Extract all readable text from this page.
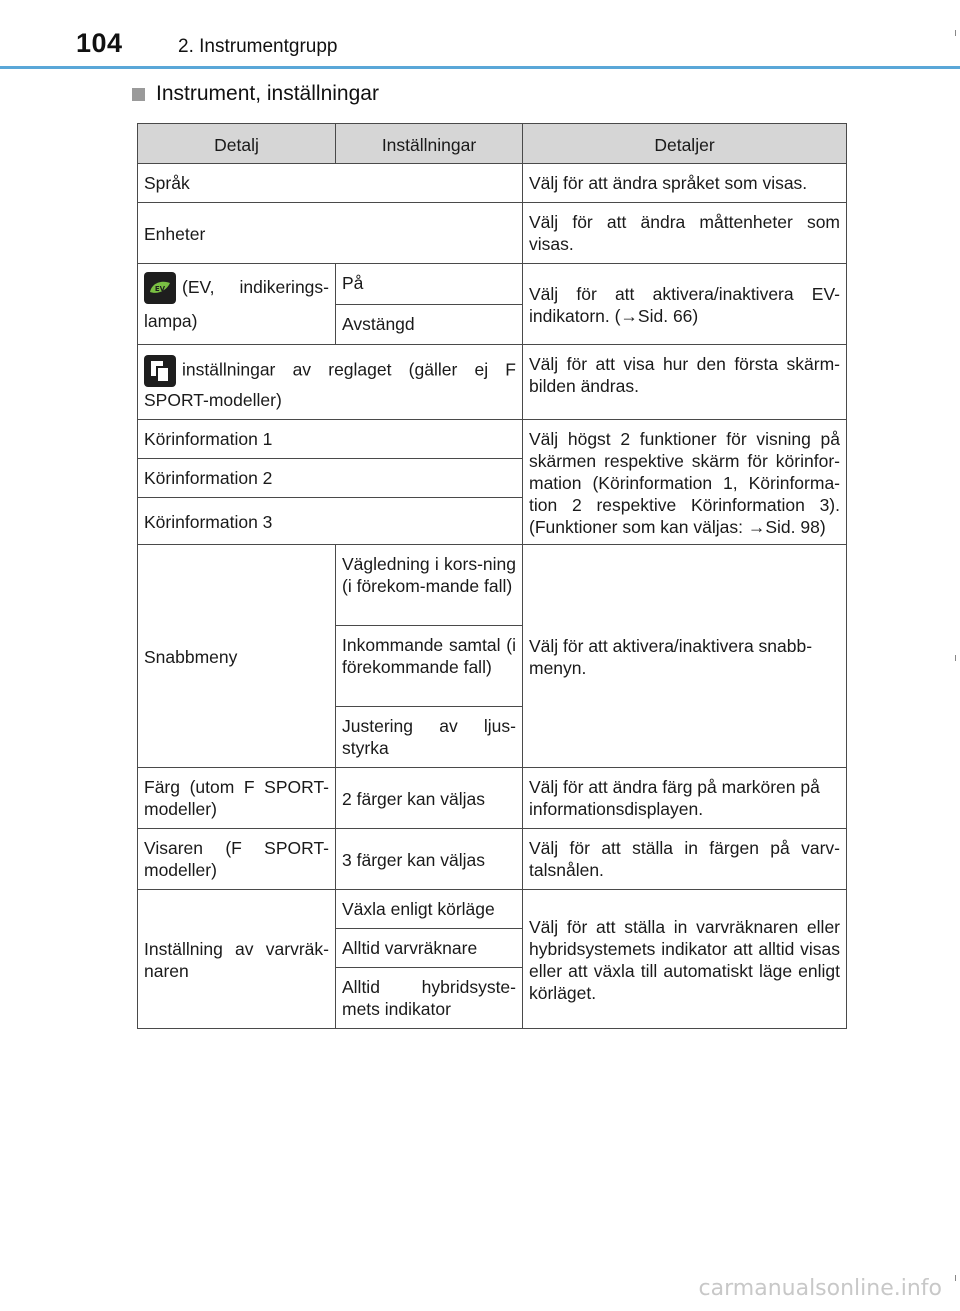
104	2. Instrumentgrupp
Instrument, inställningar
Detalj	Inställningar	Detaljer
Språk		Välj för att ändra språket som visas.
Enheter		Välj för att ändra måttenheter som visas.

EV (EV, indikerings-lampa)	På	Välj för att aktivera/inaktivera EV-indikatorn. (→Sid. 66)
	Avstängd	

inställningar av reglaget (gäller ej F SPORT-modeller)		Välj för att visa hur den första skärm-bilden ändras.
Körinformation 1		Välj högst 2 funktioner för visning på skärmen respektive skärm för körinfor-mation (Körinformation 1, Körinforma-tion 2 respektive Körinformation 3). (Funktioner som kan väljas: →Sid. 98)
Körinformation 2		
Körinformation 3		
Snabbmeny	Vägledning i kors-ning (i förekom-mande fall)	Välj för att aktivera/inaktivera snabb-menyn.
	Inkommande samtal (i förekommande fall)	
	Justering av ljus-styrka	
Färg (utom F SPORT-modeller)	2 färger kan väljas	Välj för att ändra färg på markören på informationsdisplayen.
Visaren (F SPORT-modeller)	3 färger kan väljas	Välj för att ställa in färgen på varv-talsnålen.
Inställning av varvräk-naren	Växla enligt körläge	Välj för att ställa in varvräknaren eller hybridsystemets indikator att alltid visas eller att växla till automatiskt läge enligt körläget.
	Alltid varvräknare	
	Alltid hybridsyste-mets indikator	
carmanualsonline.info
